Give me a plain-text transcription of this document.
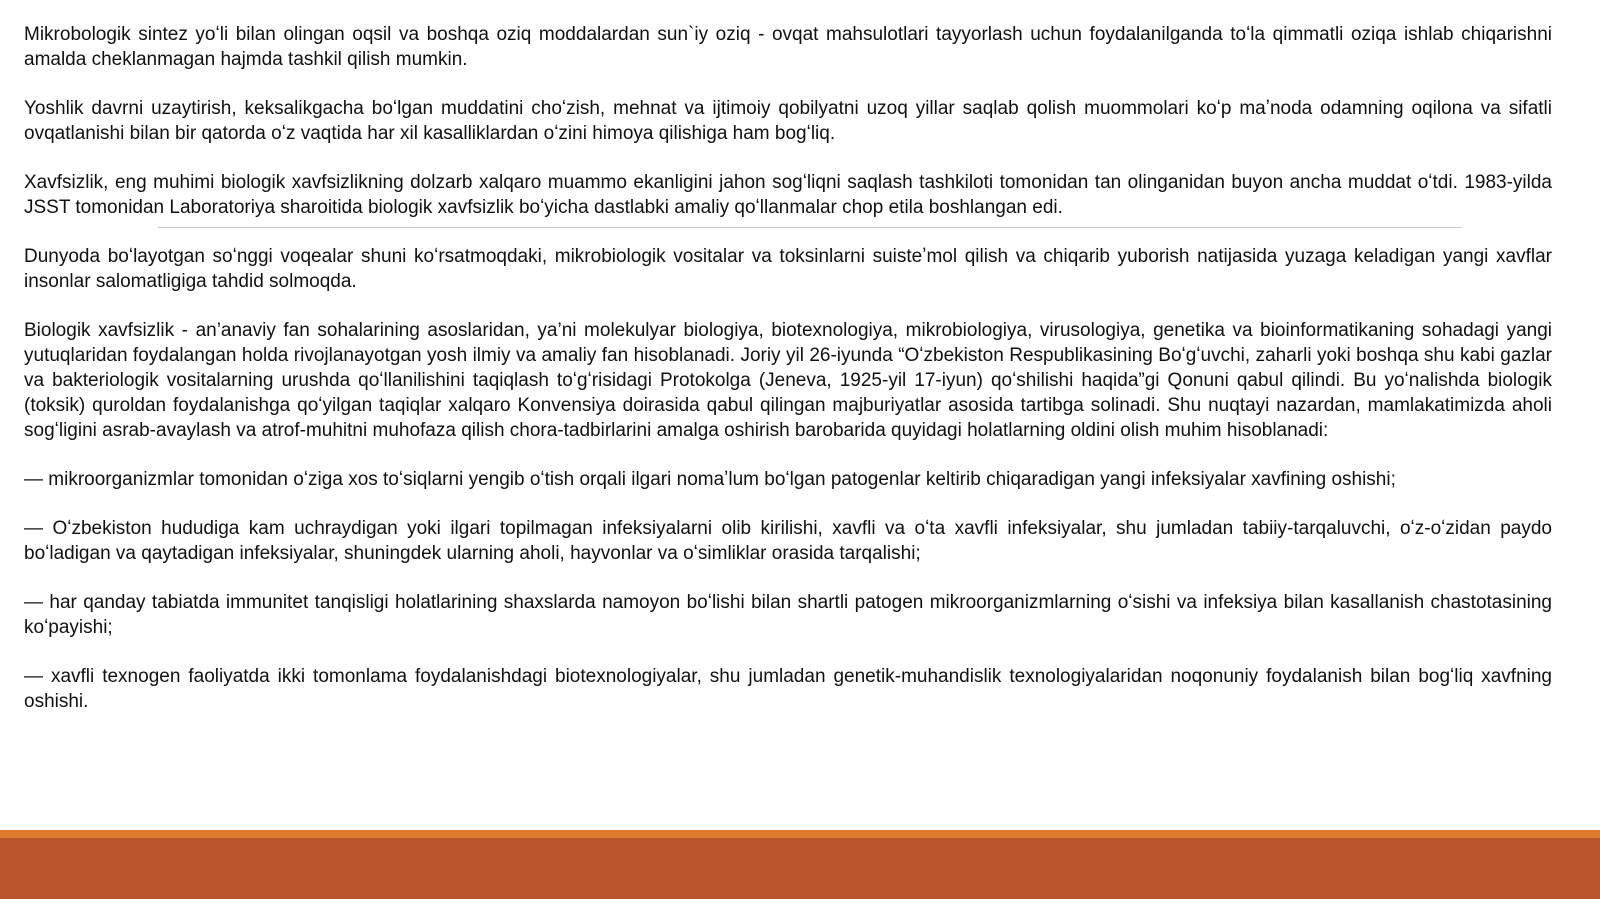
Mikrobologik sintez yoʻli bilan olingan oqsil va boshqa oziq moddalardan sun`iy oziq - ovqat mahsulotlari tayyorlash uchun foydalanilganda toʻla qimmatli oziqa ishlab chiqarishni amalda cheklanmagan hajmda tashkil qilish mumkin.

Yoshlik davrni uzaytirish, keksalikgacha boʻlgan muddatini choʻzish, mehnat va ijtimoiy qobilyatni uzoq yillar saqlab qolish muommolari koʻp maʼnoda odamning oqilona va sifatli ovqatlanishi bilan bir qatorda oʻz vaqtida har xil kasalliklardan oʻzini himoya qilishiga ham bogʻliq.

Xavfsizlik, eng muhimi biologik xavfsizlikning dolzarb xalqaro muammo ekanligini jahon sogʻliqni saqlash tashkiloti tomonidan tan olinganidan buyon ancha muddat oʻtdi. 1983-yilda JSST tomonidan Laboratoriya sharoitida biologik xavfsizlik boʻyicha dastlabki amaliy qoʻllanmalar chop etila boshlangan edi.

Dunyoda boʻlayotgan soʻnggi voqealar shuni koʻrsatmoqdaki, mikrobiologik vositalar va toksinlarni suisteʼmol qilish va chiqarib yuborish natijasida yuzaga keladigan yangi xavflar insonlar salomatligiga tahdid solmoqda.

Biologik xavfsizlik - an’anaviy fan sohalarining asoslaridan, ya’ni molekulyar biologiya, biotexnologiya, mikrobiologiya, virusologiya, genetika va bioinformatikaning sohadagi yangi yutuqlaridan foydalangan holda rivojlanayotgan yosh ilmiy va amaliy fan hisoblanadi. Joriy yil 26-iyunda “Oʻzbekiston Respublikasining Boʻgʻuvchi, zaharli yoki boshqa shu kabi gazlar va bakteriologik vositalarning urushda qoʻllanilishini taqiqlash toʻgʻrisidagi Protokolga (Jeneva, 1925-yil 17-iyun) qoʻshilishi haqida”gi Qonuni qabul qilindi. Bu yoʻnalishda biologik (toksik) quroldan foydalanishga qoʻyilgan taqiqlar xalqaro Konvensiya doirasida qabul qilingan majburiyatlar asosida tartibga solinadi. Shu nuqtayi nazardan, mamlakatimizda aholi sogʻligini asrab-avaylash va atrof-muhitni muhofaza qilish chora-tadbirlarini amalga oshirish barobarida quyidagi holatlarning oldini olish muhim hisoblanadi:

— mikroorganizmlar tomonidan oʻziga xos toʻsiqlarni yengib oʻtish orqali ilgari nomaʼlum boʻlgan patogenlar keltirib chiqaradigan yangi infeksiyalar xavfining oshishi;

— Oʻzbekiston hududiga kam uchraydigan yoki ilgari topilmagan infeksiyalarni olib kirilishi, xavfli va oʻta xavfli infeksiyalar, shu jumladan tabiiy-tarqaluvchi, oʻz-oʻzidan paydo boʻladigan va qaytadigan infeksiyalar, shuningdek ularning aholi, hayvonlar va oʻsimliklar orasida tarqalishi;

— har qanday tabiatda immunitet tanqisligi holatlarining shaxslarda namoyon boʻlishi bilan shartli patogen mikroorganizmlarning oʻsishi va infeksiya bilan kasallanish chastotasining koʻpayishi;

— xavfli texnogen faoliyatda ikki tomonlama foydalanishdagi biotexnologiyalar, shu jumladan genetik-muhandislik texnologiyalaridan noqonuniy foydalanish bilan bogʻliq xavfning oshishi.
